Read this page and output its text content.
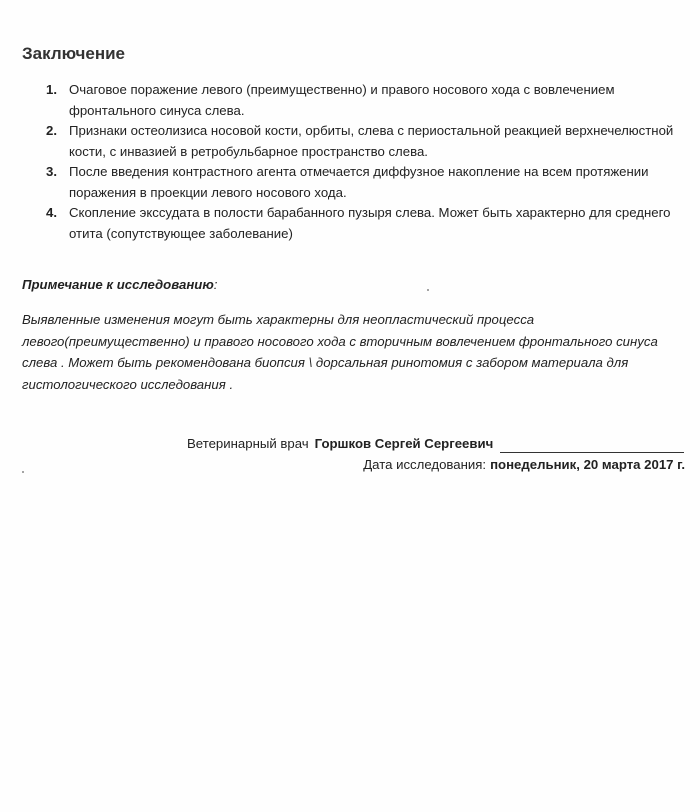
Заключение
1. Очаговое поражение левого (преимущественно) и правого носового хода с вовлечением фронтального синуса слева.
2. Признаки остеолизиса носовой кости, орбиты, слева с периостальной реакцией верхнечелюстной кости, с инвазией в ретробульбарное пространство слева.
3. После введения контрастного агента отмечается диффузное накопление на всем протяжении поражения в проекции левого носового хода.
4. Скопление экссудата в полости барабанного пузыря слева. Может быть характерно для среднего отита (сопутствующее заболевание)
Примечание к исследованию:

Выявленные изменения могут быть характерны для неопластический процесса левого(преимущественно) и правого носового хода с вторичным вовлечением фронтального синуса слева . Может быть рекомендована биопсия \ дорсальная ринотомия с забором материала для гистологического исследования .

Ветеринарный врач Горшков Сергей Сергеевич
Дата исследования: понедельник, 20 марта 2017 г.
